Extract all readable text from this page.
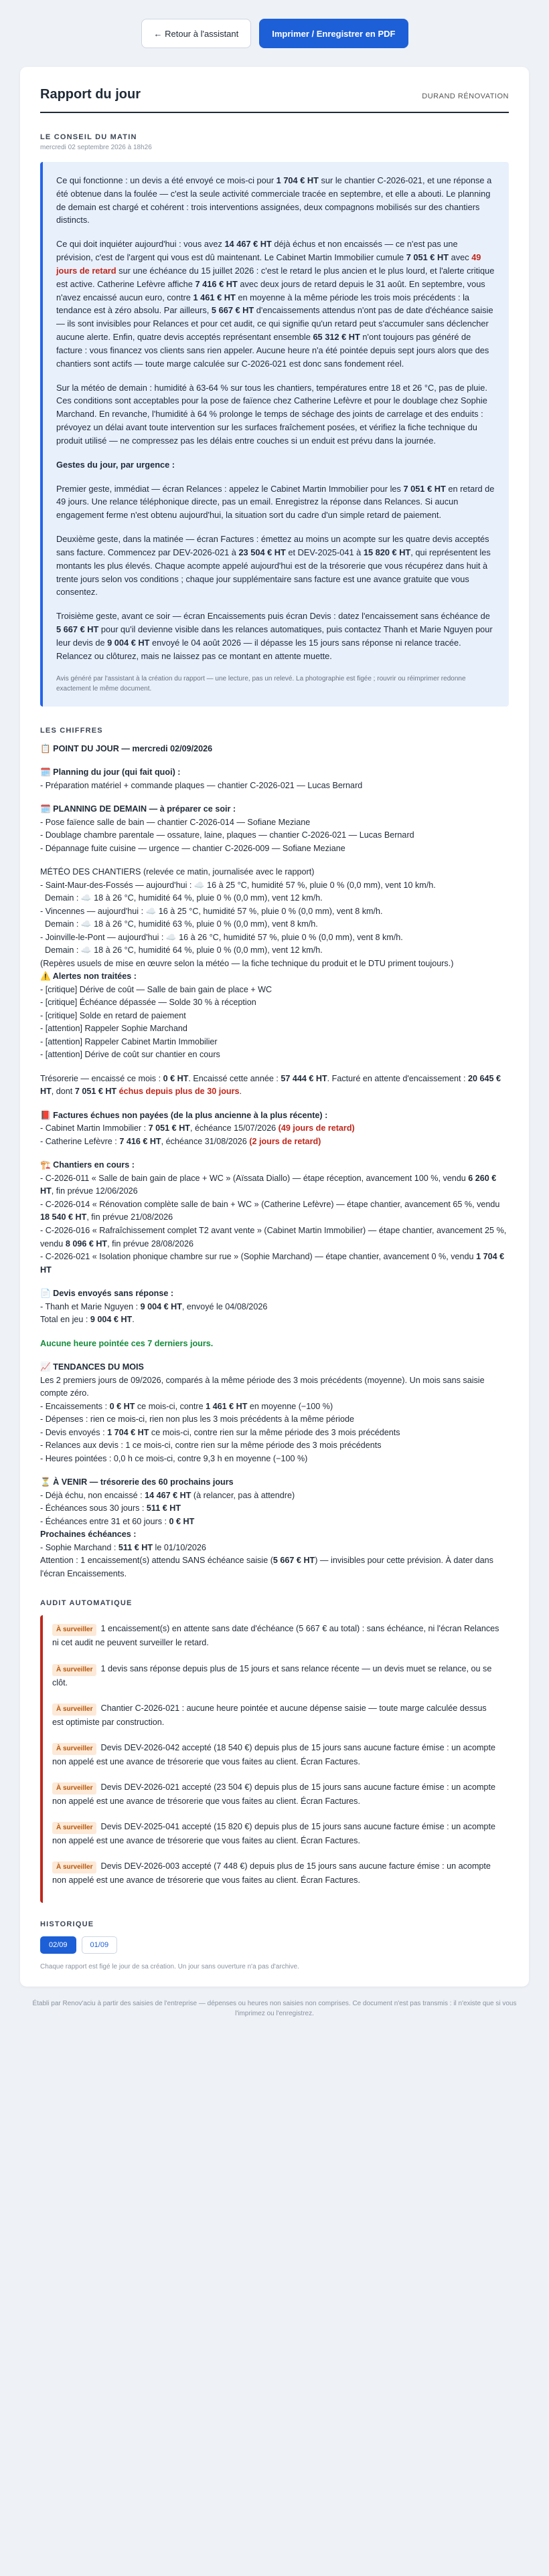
← Retour à l'assistant	Imprimer / Enregistrer en PDF
Rapport du jour	DURAND RÉNOVATION
LE CONSEIL DU MATIN
mercredi 02 septembre 2026 à 18h26

Ce qui fonctionne : un devis a été envoyé ce mois-ci pour 1 704 € HT sur le chantier C-2026-021, et une réponse a été obtenue dans la foulée — c'est la seule activité commerciale tracée en septembre, et elle a abouti. Le planning de demain est chargé et cohérent : trois interventions assignées, deux compagnons mobilisés sur des chantiers distincts.

Ce qui doit inquiéter aujourd'hui : vous avez 14 467 € HT déjà échus et non encaissés — ce n'est pas une prévision, c'est de l'argent qui vous est dû maintenant. Le Cabinet Martin Immobilier cumule 7 051 € HT avec 49 jours de retard sur une échéance du 15 juillet 2026 : c'est le retard le plus ancien et le plus lourd, et l'alerte critique est active. Catherine Lefèvre affiche 7 416 € HT avec deux jours de retard depuis le 31 août. En septembre, vous n'avez encaissé aucun euro, contre 1 461 € HT en moyenne à la même période les trois mois précédents : la tendance est à zéro absolu. Par ailleurs, 5 667 € HT d'encaissements attendus n'ont pas de date d'échéance saisie — ils sont invisibles pour Relances et pour cet audit, ce qui signifie qu'un retard peut s'accumuler sans déclencher aucune alerte. Enfin, quatre devis acceptés représentant ensemble 65 312 € HT n'ont toujours pas généré de facture : vous financez vos clients sans rien appeler. Aucune heure n'a été pointée depuis sept jours alors que des chantiers sont actifs — toute marge calculée sur C-2026-021 est donc sans fondement réel.

Sur la météo de demain : humidité à 63-64 % sur tous les chantiers, températures entre 18 et 26 °C, pas de pluie. Ces conditions sont acceptables pour la pose de faïence chez Catherine Lefèvre et pour le doublage chez Sophie Marchand. En revanche, l'humidité à 64 % prolonge le temps de séchage des joints de carrelage et des enduits : prévoyez un délai avant toute intervention sur les surfaces fraîchement posées, et vérifiez la fiche technique du produit utilisé — ne compressez pas les délais entre couches si un enduit est prévu dans la journée.

Gestes du jour, par urgence :

Premier geste, immédiat — écran Relances : appelez le Cabinet Martin Immobilier pour les 7 051 € HT en retard de 49 jours. Une relance téléphonique directe, pas un email. Enregistrez la réponse dans Relances. Si aucun engagement ferme n'est obtenu aujourd'hui, la situation sort du cadre d'un simple retard de paiement.

Deuxième geste, dans la matinée — écran Factures : émettez au moins un acompte sur les quatre devis acceptés sans facture. Commencez par DEV-2026-021 à 23 504 € HT et DEV-2025-041 à 15 820 € HT, qui représentent les montants les plus élevés. Chaque acompte appelé aujourd'hui est de la trésorerie que vous récupérez dans huit à trente jours selon vos conditions ; chaque jour supplémentaire sans facture est une avance gratuite que vous consentez.

Troisième geste, avant ce soir — écran Encaissements puis écran Devis : datez l'encaissement sans échéance de 5 667 € HT pour qu'il devienne visible dans les relances automatiques, puis contactez Thanh et Marie Nguyen pour leur devis de 9 004 € HT envoyé le 04 août 2026 — il dépasse les 15 jours sans réponse ni relance tracée. Relancez ou clôturez, mais ne laissez pas ce montant en attente muette.

Avis généré par l'assistant à la création du rapport — une lecture, pas un relevé. La photographie est figée ; rouvrir ou réimprimer redonne exactement le même document.

LES CHIFFRES
📋 POINT DU JOUR — mercredi 02/09/2026
🗓️ Planning du jour (qui fait quoi) :
- Préparation matériel + commande plaques — chantier C-2026-021 — Lucas Bernard
🗓️ PLANNING DE DEMAIN — à préparer ce soir :
- Pose faïence salle de bain — chantier C-2026-014 — Sofiane Meziane
- Doublage chambre parentale — ossature, laine, plaques — chantier C-2026-021 — Lucas Bernard
- Dépannage fuite cuisine — urgence — chantier C-2026-009 — Sofiane Meziane
MÉTÉO DES CHANTIERS (relevée ce matin, journalisée avec le rapport)
- Saint-Maur-des-Fossés — aujourd'hui : ☁️ 16 à 25 °C, humidité 57 %, pluie 0 % (0,0 mm), vent 10 km/h.
Demain : ☁️ 18 à 26 °C, humidité 64 %, pluie 0 % (0,0 mm), vent 12 km/h.
- Vincennes — aujourd'hui : ☁️ 16 à 25 °C, humidité 57 %, pluie 0 % (0,0 mm), vent 8 km/h.
Demain : ☁️ 18 à 26 °C, humidité 63 %, pluie 0 % (0,0 mm), vent 8 km/h.
- Joinville-le-Pont — aujourd'hui : ☁️ 16 à 26 °C, humidité 57 %, pluie 0 % (0,0 mm), vent 8 km/h.
Demain : ☁️ 18 à 26 °C, humidité 64 %, pluie 0 % (0,0 mm), vent 12 km/h.
(Repères usuels de mise en œuvre selon la météo — la fiche technique du produit et le DTU priment toujours.)
⚠️ Alertes non traitées :
- [critique] Dérive de coût — Salle de bain gain de place + WC
- [critique] Échéance dépassée — Solde 30 % à réception
- [critique] Solde en retard de paiement
- [attention] Rappeler Sophie Marchand
- [attention] Rappeler Cabinet Martin Immobilier
- [attention] Dérive de coût sur chantier en cours
Trésorerie — encaissé ce mois : 0 € HT. Encaissé cette année : 57 444 € HT. Facturé en attente d'encaissement : 20 645 € HT, dont 7 051 € HT échus depuis plus de 30 jours.
📕 Factures échues non payées (de la plus ancienne à la plus récente) :
- Cabinet Martin Immobilier : 7 051 € HT, échéance 15/07/2026 (49 jours de retard)
- Catherine Lefèvre : 7 416 € HT, échéance 31/08/2026 (2 jours de retard)
🏗️ Chantiers en cours :
- C-2026-011 « Salle de bain gain de place + WC » (Aïssata Diallo) — étape réception, avancement 100 %, vendu 6 260 € HT, fin prévue 12/06/2026
- C-2026-014 « Rénovation complète salle de bain + WC » (Catherine Lefèvre) — étape chantier, avancement 65 %, vendu 18 540 € HT, fin prévue 21/08/2026
- C-2026-016 « Rafraîchissement complet T2 avant vente » (Cabinet Martin Immobilier) — étape chantier, avancement 25 %, vendu 8 096 € HT, fin prévue 28/08/2026
- C-2026-021 « Isolation phonique chambre sur rue » (Sophie Marchand) — étape chantier, avancement 0 %, vendu 1 704 € HT
📄 Devis envoyés sans réponse :
- Thanh et Marie Nguyen : 9 004 € HT, envoyé le 04/08/2026
Total en jeu : 9 004 € HT.
Aucune heure pointée ces 7 derniers jours.
📈 TENDANCES DU MOIS
Les 2 premiers jours de 09/2026, comparés à la même période des 3 mois précédents (moyenne). Un mois sans saisie compte zéro.
- Encaissements : 0 € HT ce mois-ci, contre 1 461 € HT en moyenne (−100 %)
- Dépenses : rien ce mois-ci, rien non plus les 3 mois précédents à la même période
- Devis envoyés : 1 704 € HT ce mois-ci, contre rien sur la même période des 3 mois précédents
- Relances aux devis : 1 ce mois-ci, contre rien sur la même période des 3 mois précédents
- Heures pointées : 0,0 h ce mois-ci, contre 9,3 h en moyenne (−100 %)
⏳ À VENIR — trésorerie des 60 prochains jours
- Déjà échu, non encaissé : 14 467 € HT (à relancer, pas à attendre)
- Échéances sous 30 jours : 511 € HT
- Échéances entre 31 et 60 jours : 0 € HT
Prochaines échéances :
- Sophie Marchand : 511 € HT le 01/10/2026
Attention : 1 encaissement(s) attendu SANS échéance saisie (5 667 € HT) — invisibles pour cette prévision. À dater dans l'écran Encaissements.
AUDIT AUTOMATIQUE
À surveiller 1 encaissement(s) en attente sans date d'échéance (5 667 € au total) : sans échéance, ni l'écran Relances ni cet audit ne peuvent surveiller le retard.
À surveiller 1 devis sans réponse depuis plus de 15 jours et sans relance récente — un devis muet se relance, ou se clôt.
À surveiller Chantier C-2026-021 : aucune heure pointée et aucune dépense saisie — toute marge calculée dessus est optimiste par construction.
À surveiller Devis DEV-2026-042 accepté (18 540 €) depuis plus de 15 jours sans aucune facture émise : un acompte non appelé est une avance de trésorerie que vous faites au client. Écran Factures.
À surveiller Devis DEV-2026-021 accepté (23 504 €) depuis plus de 15 jours sans aucune facture émise : un acompte non appelé est une avance de trésorerie que vous faites au client. Écran Factures.
À surveiller Devis DEV-2025-041 accepté (15 820 €) depuis plus de 15 jours sans aucune facture émise : un acompte non appelé est une avance de trésorerie que vous faites au client. Écran Factures.
À surveiller Devis DEV-2026-003 accepté (7 448 €) depuis plus de 15 jours sans aucune facture émise : un acompte non appelé est une avance de trésorerie que vous faites au client. Écran Factures.
HISTORIQUE
02/09	01/09
Chaque rapport est figé le jour de sa création. Un jour sans ouverture n'a pas d'archive.
Établi par Renov'aciu à partir des saisies de l'entreprise — dépenses ou heures non saisies non comprises. Ce document n'est pas transmis : il n'existe que si vous l'imprimez ou l'enregistrez.
